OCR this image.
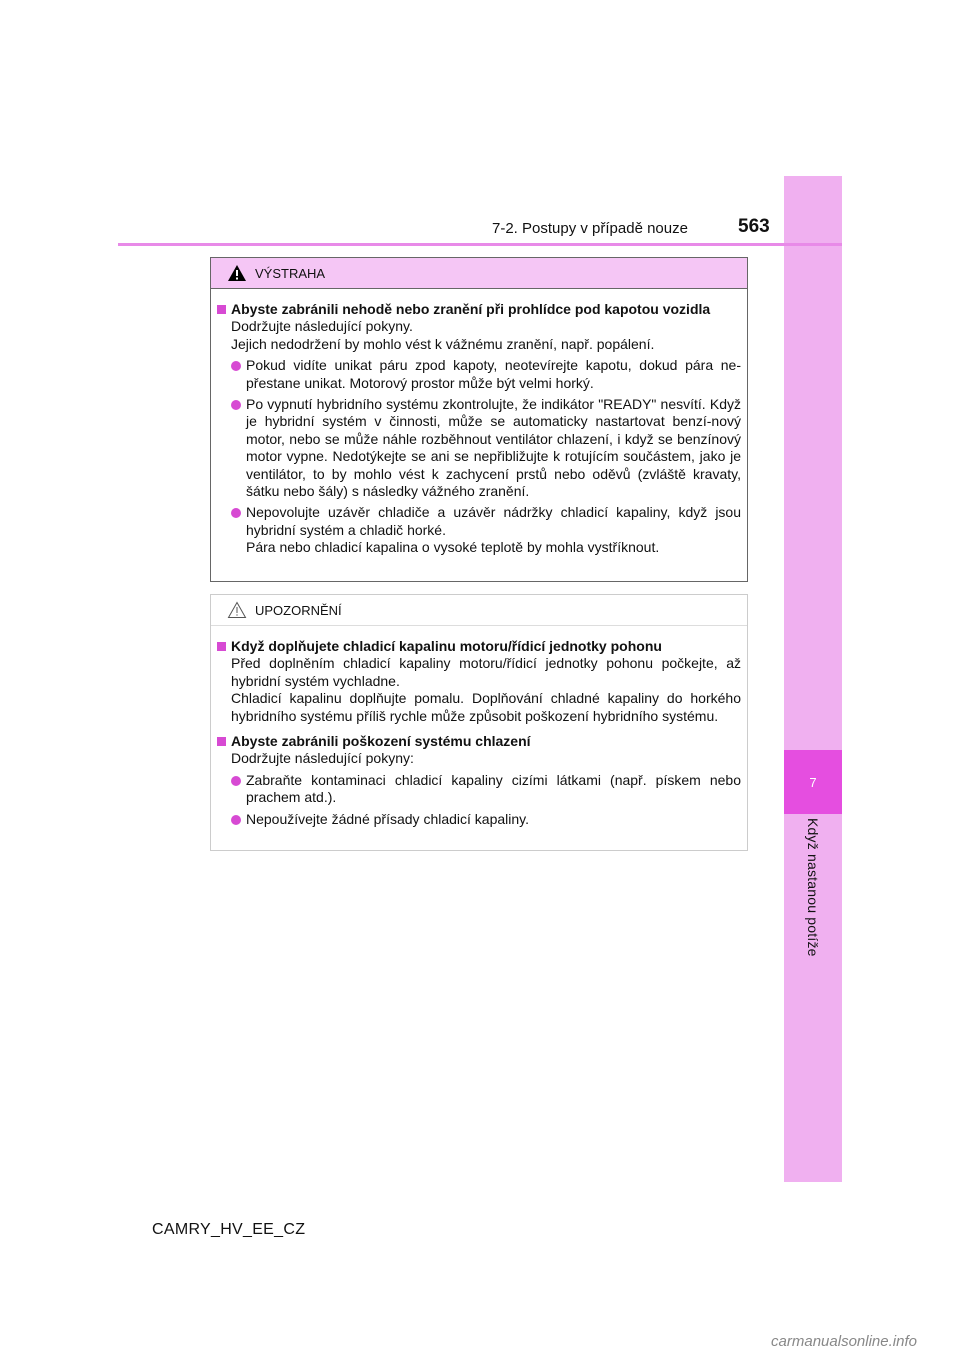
7
Když nastanou potíže
7-2. Postupy v případě nouze	563
VÝSTRAHA
Abyste zabránili nehodě nebo zranění při prohlídce pod kapotou vozidla
Dodržujte následující pokyny.
Jejich nedodržení by mohlo vést k vážnému zranění, např. popálení.
Pokud vidíte unikat páru zpod kapoty, neotevírejte kapotu, dokud pára ne-přestane unikat. Motorový prostor může být velmi horký.
Po vypnutí hybridního systému zkontrolujte, že indikátor "READY" nesvítí. Když je hybridní systém v činnosti, může se automaticky nastartovat benzí-nový motor, nebo se může náhle rozběhnout ventilátor chlazení, i když se benzínový motor vypne. Nedotýkejte se ani se nepřibližujte k rotujícím součástem, jako je ventilátor, to by mohlo vést k zachycení prstů nebo oděvů (zvláště kravaty, šátku nebo šály) s následky vážného zranění.
Nepovolujte uzávěr chladiče a uzávěr nádržky chladicí kapaliny, když jsou hybridní systém a chladič horké.
Pára nebo chladicí kapalina o vysoké teplotě by mohla vystříknout.
UPOZORNĚNÍ
Když doplňujete chladicí kapalinu motoru/řídicí jednotky pohonu
Před doplněním chladicí kapaliny motoru/řídicí jednotky pohonu počkejte, až hybridní systém vychladne.
Chladicí kapalinu doplňujte pomalu. Doplňování chladné kapaliny do horkého hybridního systému příliš rychle může způsobit poškození hybridního systému.
Abyste zabránili poškození systému chlazení
Dodržujte následující pokyny:
Zabraňte kontaminaci chladicí kapaliny cizími látkami (např. pískem nebo prachem atd.).
Nepoužívejte žádné přísady chladicí kapaliny.
CAMRY_HV_EE_CZ
carmanualsonline.info
